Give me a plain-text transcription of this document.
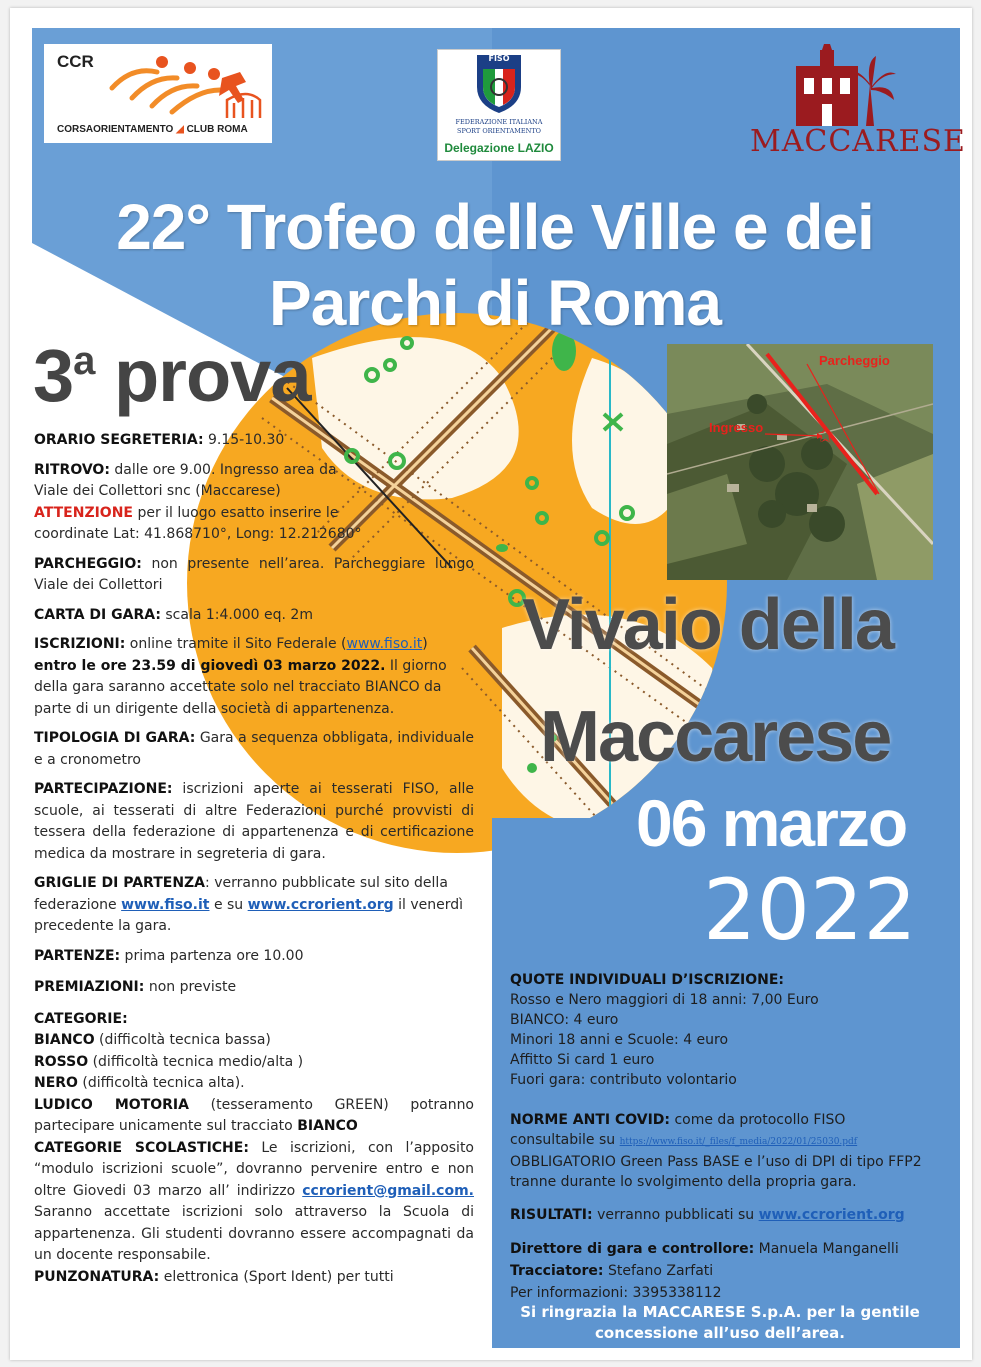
CCR
CORSAORIENTAMENTO ◢ CLUB ROMA
FISO
FEDERAZIONE ITALIANA
SPORT ORIENTAMENTO
Delegazione LAZIO	MACCARESE
22° Trofeo delle Ville e dei
Parchi di Roma
3$^a$ prova	Parcheggio
Ingresso	✩
Vivaio della
Maccarese
06 marzo
2022

ORARIO SEGRETERIA: 9.15-10.30

RITROVO: dalle ore 9.00. Ingresso area da Viale dei Collettori snc (Maccarese) ATTENZIONE per il luogo esatto inserire le coordinate Lat: 41.868710°, Long: 12.212680°

PARCHEGGIO: non presente nell’area. Parcheggiare lungo Viale dei Collettori

CARTA DI GARA: scala 1:4.000 eq. 2m

ISCRIZIONI: online tramite il Sito Federale (www.fiso.it) entro le ore 23.59 di giovedì 03 marzo 2022. Il giorno della gara saranno accettate solo nel tracciato BIANCO da parte di un dirigente della società di appartenenza.

TIPOLOGIA DI GARA: Gara a sequenza obbligata, individuale e a cronometro

PARTECIPAZIONE: iscrizioni aperte ai tesserati FISO, alle scuole, ai tesserati di altre Federazioni purché provvisti di tessera della federazione di appartenenza e di certificazione medica da mostrare in segreteria di gara.

GRIGLIE DI PARTENZA: verranno pubblicate sul sito della federazione www.fiso.it e su www.ccrorient.org il venerdì precedente la gara.

PARTENZE: prima partenza ore 10.00

PREMIAZIONI: non previste

CATEGORIE:

BIANCO (difficoltà tecnica bassa)

ROSSO (difficoltà tecnica medio/alta )

NERO (difficoltà tecnica alta).

LUDICO MOTORIA (tesseramento GREEN) potranno partecipare unicamente sul tracciato BIANCO

CATEGORIE SCOLASTICHE: Le iscrizioni, con l’apposito “modulo iscrizioni scuole”, dovranno pervenire entro e non oltre Giovedi 03 marzo all’ indirizzo ccrorient@gmail.com. Saranno accettate iscrizioni solo attraverso la Scuola di appartenenza. Gli studenti dovranno essere accompagnati da un docente responsabile.

PUNZONATURA: elettronica (Sport Ident) per tutti

QUOTE INDIVIDUALI D’ISCRIZIONE:

Rosso e Nero maggiori di 18 anni: 7,00 Euro

BIANCO: 4 euro

Minori 18 anni e Scuole: 4 euro

Affitto Si card 1 euro

Fuori gara: contributo volontario

NORME ANTI COVID: come da protocollo FISO consultabile su https://www.fiso.it/_files/f_media/2022/01/25030.pdf OBBLIGATORIO Green Pass BASE e l’uso di DPI di tipo FFP2 tranne durante lo svolgimento della propria gara.

RISULTATI: verranno pubblicati su www.ccrorient.org

Direttore di gara e controllore: Manuela Manganelli

Tracciatore: Stefano Zarfati

Per informazioni: 3395338112

Si ringrazia la MACCARESE S.p.A. per la gentile
concessione all’uso dell’area.
